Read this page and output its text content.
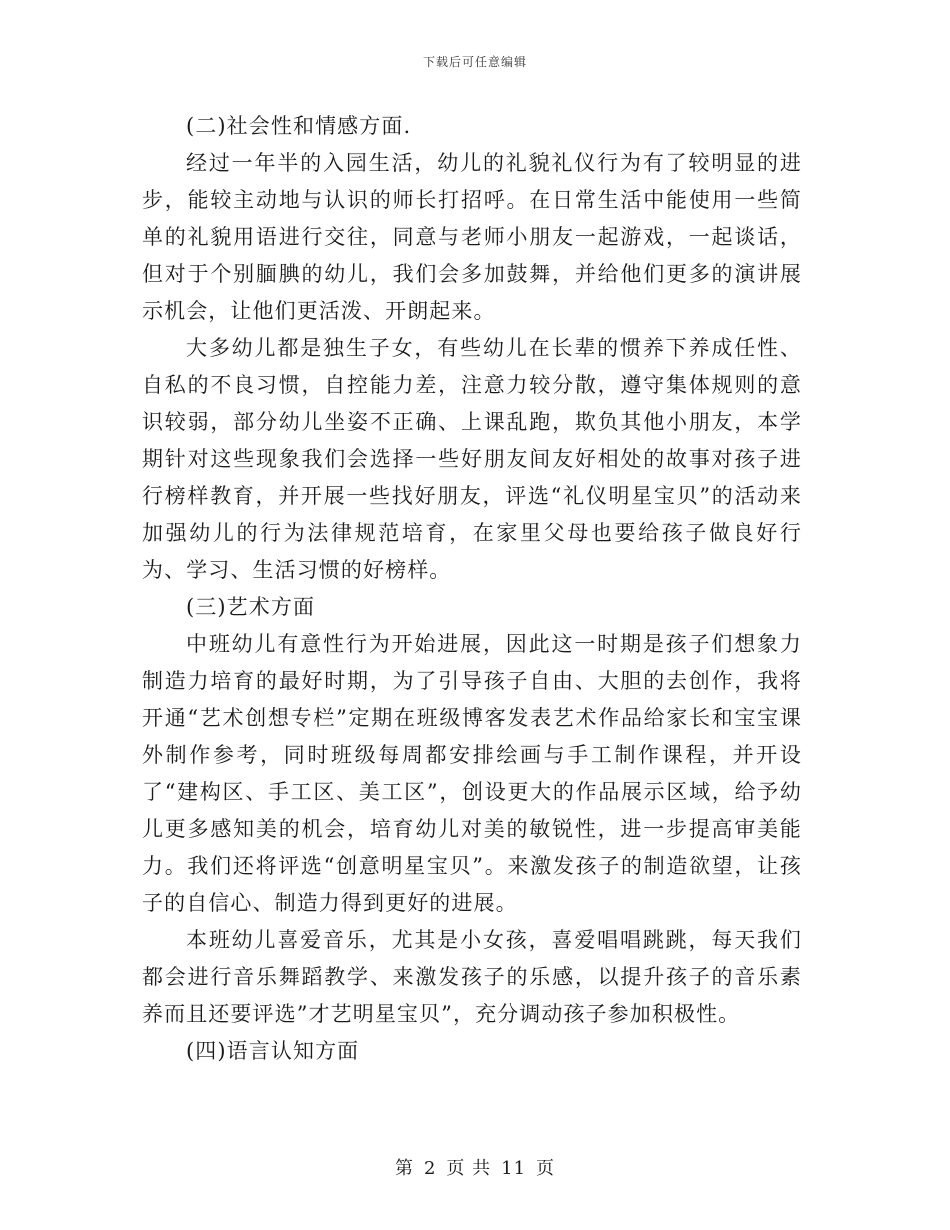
下载后可任意编辑

(二)社会性和情感方面.

经过一年半的入园生活，幼儿的礼貌礼仪行为有了较明显的进步，能较主动地与认识的师长打招呼。在日常生活中能使用一些简单的礼貌用语进行交往，同意与老师小朋友一起游戏，一起谈话，但对于个别腼腆的幼儿，我们会多加鼓舞，并给他们更多的演讲展示机会，让他们更活泼、开朗起来。

大多幼儿都是独生子女，有些幼儿在长辈的惯养下养成任性、自私的不良习惯，自控能力差，注意力较分散，遵守集体规则的意识较弱，部分幼儿坐姿不正确、上课乱跑，欺负其他小朋友，本学期针对这些现象我们会选择一些好朋友间友好相处的故事对孩子进行榜样教育，并开展一些找好朋友，评选“礼仪明星宝贝”的活动来加强幼儿的行为法律规范培育，在家里父母也要给孩子做良好行为、学习、生活习惯的好榜样。

(三)艺术方面

中班幼儿有意性行为开始进展，因此这一时期是孩子们想象力制造力培育的最好时期，为了引导孩子自由、大胆的去创作，我将开通“艺术创想专栏”定期在班级博客发表艺术作品给家长和宝宝课外制作参考，同时班级每周都安排绘画与手工制作课程，并开设了“建构区、手工区、美工区”，创设更大的作品展示区域，给予幼儿更多感知美的机会，培育幼儿对美的敏锐性，进一步提高审美能力。我们还将评选“创意明星宝贝”。来激发孩子的制造欲望，让孩子的自信心、制造力得到更好的进展。

本班幼儿喜爱音乐，尤其是小女孩，喜爱唱唱跳跳，每天我们都会进行音乐舞蹈教学、来激发孩子的乐感，以提升孩子的音乐素养而且还要评选”才艺明星宝贝”，充分调动孩子参加积极性。

(四)语言认知方面

第 2 页 共 11 页
